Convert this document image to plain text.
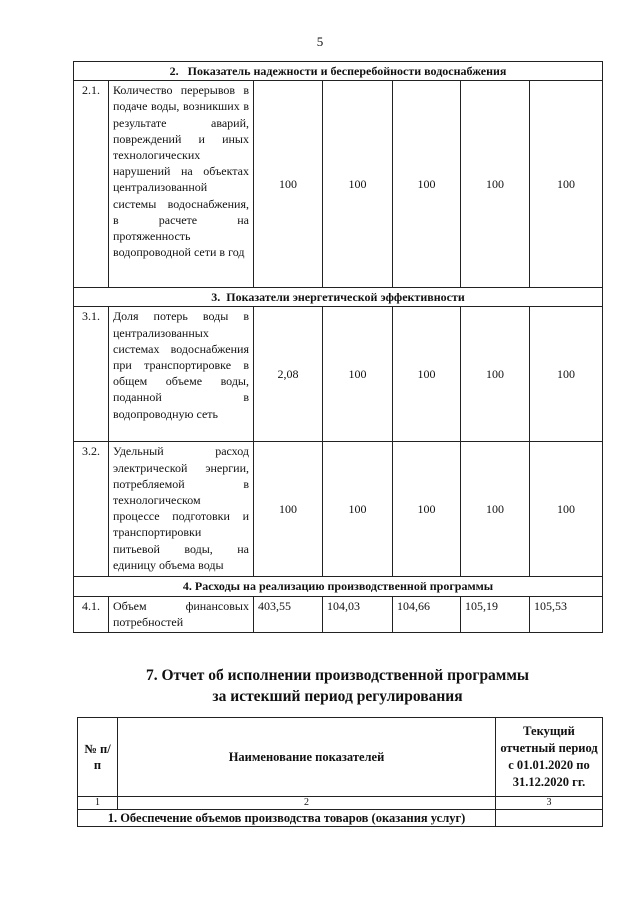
5
2.   Показатель надежности и бесперебойности водоснабжения						
2.1.	Количество перерывов в подаче воды, возникших в результате аварий, повреждений и иных технологических нарушений на объектах централизованной системы водоснабжения, в расчете на протяженность водопроводной сети в год	100	100	100	100	100
3.  Показатели энергетической эффективности						
3.1.	Доля потерь воды в централизованных системах водоснабжения при транспортировке в общем объеме воды, поданной в водопроводную сеть	2,08	100	100	100	100
3.2.	Удельный расход электрической энергии, потребляемой в технологическом процессе подготовки и транспортировки питьевой воды, на единицу объема воды	100	100	100	100	100
4. Расходы на реализацию производственной программы						
4.1.	Объем финансовых потребностей	403,55	104,03	104,66	105,19	105,53
7. Отчет об исполнении производственной программы
за истекший период регулирования
№ п/п	Наименование показателей	Текущий отчетный период с 01.01.2020 по 31.12.2020 гг.
1	2	3
1. Обеспечение объемов производства товаров (оказания услуг)		
